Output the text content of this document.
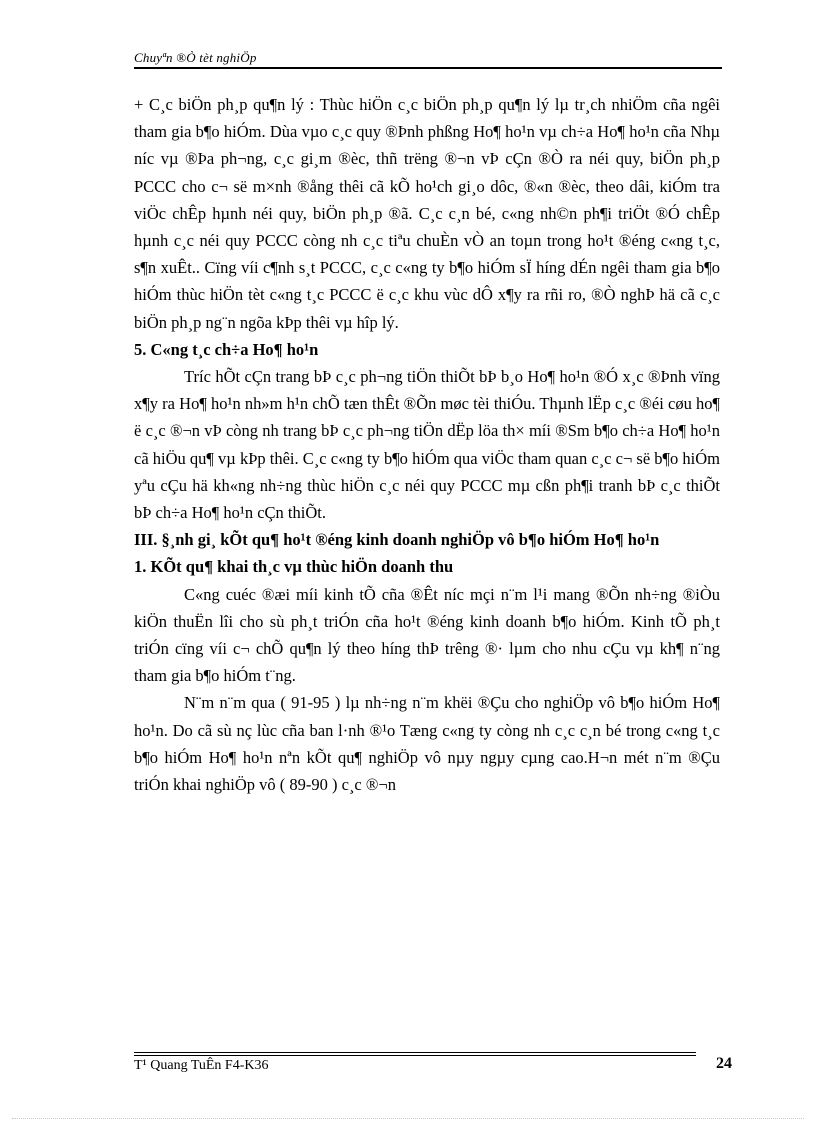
Chuyªn ®Ò tèt nghiÖp

+ C¸c biÖn ph¸p qu¶n lý : Thùc hiÖn c¸c biÖn ph¸p qu¶n lý lµ tr¸ch nhiÖm cña ngêi tham gia b¶o hiÓm. Dùa vµo c¸c quy ®Þnh phßng Ho¶ ho¹n vµ ch÷a Ho¶ ho¹n cña Nhµ níc vµ ®Þa ph¬ng, c¸c gi¸m ®èc, thñ trëng ®¬n vÞ cÇn ®Ò ra néi quy, biÖn ph¸p PCCC cho c¬ së m×nh ®ång thêi cã kÕ ho¹ch gi¸o dôc, ®«n ®èc, theo dâi, kiÓm tra viÖc chÊp hµnh néi quy, biÖn ph¸p ®ã. C¸c c¸n bé, c«ng nh©n ph¶i triÖt ®Ó chÊp hµnh c¸c néi quy PCCC còng nh c¸c tiªu chuÈn vÒ an toµn trong ho¹t ®éng c«ng t¸c, s¶n xuÊt.. Cïng víi c¶nh s¸t PCCC, c¸c c«ng ty b¶o hiÓm sÏ híng dÉn ngêi tham gia b¶o hiÓm thùc hiÖn tèt c«ng t¸c PCCC ë c¸c khu vùc dÔ x¶y ra rñi ro, ®Ò nghÞ hä cã c¸c biÖn ph¸p ng¨n ngõa kÞp thêi vµ hîp lý.

5. C«ng t¸c ch÷a Ho¶ ho¹n

Tríc hÕt cÇn trang bÞ c¸c ph¬ng tiÖn thiÕt bÞ b¸o Ho¶ ho¹n ®Ó x¸c ®Þnh vïng x¶y ra Ho¶ ho¹n nh»m h¹n chÕ tæn thÊt ®Õn møc tèi thiÓu. Thµnh lËp c¸c ®éi cøu ho¶ ë c¸c ®¬n vÞ còng nh trang bÞ c¸c ph¬ng tiÖn dËp löa th× míi ®Sm b¶o ch÷a Ho¶ ho¹n cã hiÖu qu¶ vµ kÞp thêi. C¸c c«ng ty b¶o hiÓm qua viÖc tham quan c¸c c¬ së b¶o hiÓm yªu cÇu hä kh«ng nh÷ng thùc hiÖn c¸c néi quy PCCC mµ cßn ph¶i tranh bÞ c¸c thiÕt bÞ ch÷a Ho¶ ho¹n cÇn thiÕt.

III. §¸nh gi¸ kÕt qu¶ ho¹t ®éng kinh doanh nghiÖp vô b¶o hiÓm Ho¶ ho¹n

1. KÕt qu¶ khai th¸c vµ thùc hiÖn doanh thu

C«ng cuéc ®æi míi kinh tÕ cña ®Êt níc mçi n¨m l¹i mang ®Õn nh÷ng ®iÒu kiÖn thuËn lîi cho sù ph¸t triÓn cña ho¹t ®éng kinh doanh b¶o hiÓm. Kinh tÕ ph¸t triÓn cïng víi c¬ chÕ qu¶n lý theo híng thÞ trêng ®· lµm cho nhu cÇu vµ kh¶ n¨ng tham gia b¶o hiÓm t¨ng.

N¨m n¨m qua ( 91-95 ) lµ nh÷ng n¨m khëi ®Çu cho nghiÖp vô b¶o hiÓm Ho¶ ho¹n. Do cã sù nç lùc cña ban l·nh ®¹o Tæng c«ng ty còng nh c¸c c¸n bé trong c«ng t¸c b¶o hiÓm Ho¶ ho¹n nªn kÕt qu¶ nghiÖp vô nµy ngµy cµng cao.H¬n mét n¨m ®Çu triÓn khai nghiÖp vô ( 89-90 ) c¸c ®¬n

T¹ Quang TuÊn F4-K36	24
